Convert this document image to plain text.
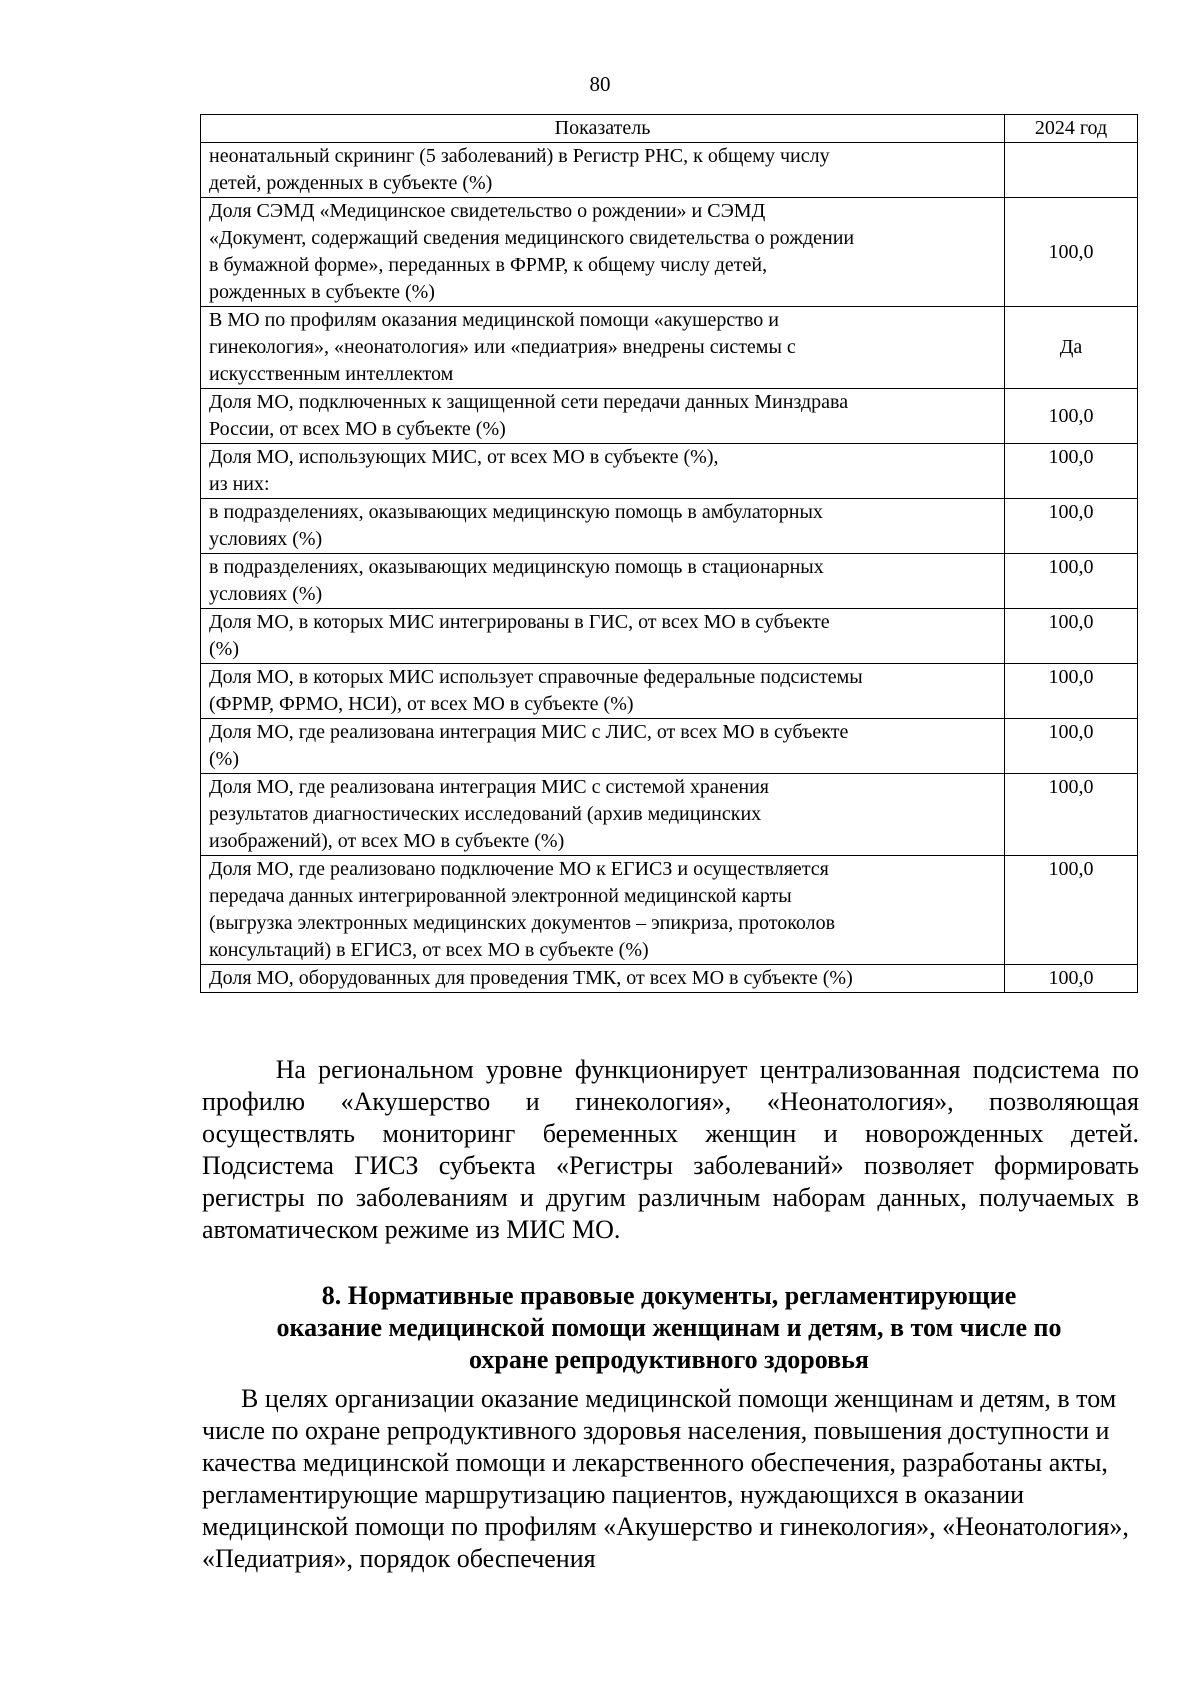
80
Показатель	2024 год
неонатальный скрининг (5 заболеваний) в Регистр РНС, к общему числу
детей, рожденных в субъекте (%)	
Доля СЭМД «Медицинское свидетельство о рождении» и СЭМД
«Документ, содержащий сведения медицинского свидетельства о рождении
в бумажной форме», переданных в ФРМР, к общему числу детей,
рожденных в субъекте (%)	100,0
В МО по профилям оказания медицинской помощи «акушерство и
гинекология», «неонатология» или «педиатрия» внедрены системы с
искусственным интеллектом	Да
Доля МО, подключенных к защищенной сети передачи данных Минздрава
России, от всех МО в субъекте (%)	100,0
Доля МО, использующих МИС, от всех МО в субъекте (%),
из них:	100,0
в подразделениях, оказывающих медицинскую помощь в амбулаторных
условиях (%)	100,0
в подразделениях, оказывающих медицинскую помощь в стационарных
условиях (%)	100,0
Доля МО, в которых МИС интегрированы в ГИС, от всех МО в субъекте
(%)	100,0
Доля МО, в которых МИС использует справочные федеральные подсистемы
(ФРМР, ФРМО, НСИ), от всех МО в субъекте (%)	100,0
Доля МО, где реализована интеграция МИС с ЛИС, от всех МО в субъекте
(%)	100,0
Доля МО, где реализована интеграция МИС с системой хранения
результатов диагностических исследований (архив медицинских
изображений), от всех МО в субъекте (%)	100,0
Доля МО, где реализовано подключение МО к ЕГИСЗ и осуществляется
передача данных интегрированной электронной медицинской карты
(выгрузка электронных медицинских документов – эпикриза, протоколов
консультаций) в ЕГИСЗ, от всех МО в субъекте (%)	100,0
Доля МО, оборудованных для проведения ТМК, от всех МО в субъекте (%)	100,0
На региональном уровне функционирует централизованная подсистема по профилю «Акушерство и гинекология», «Неонатология», позволяющая осуществлять мониторинг беременных женщин и новорожденных детей. Подсистема ГИСЗ субъекта «Регистры заболеваний» позволяет формировать регистры по заболеваниям и другим различным наборам данных, получаемых в автоматическом режиме из МИС МО.
8. Нормативные правовые документы, регламентирующие
оказание медицинской помощи женщинам и детям, в том числе по
охране репродуктивного здоровья
В целях организации оказание медицинской помощи женщинам и детям, в том числе по охране репродуктивного здоровья населения, повышения доступности и качества медицинской помощи и лекарственного обеспечения, разработаны акты, регламентирующие маршрутизацию пациентов, нуждающихся в оказании медицинской помощи по профилям «Акушерство и гинекология», «Неонатология», «Педиатрия», порядок обеспечения
